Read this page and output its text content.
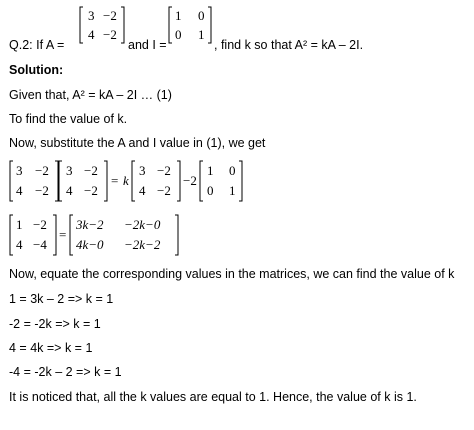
Q.2: If A =
3 −2
4 −2
and I =
1 0
0 1
, find k so that A² = kA – 2I.
Solution:
Given that, A² = kA – 2I … (1)
To find the value of k.
Now, substitute the A and I value in (1), we get
3 −2
4 −2
3 −2
4 −2
= k
3 −2
4 −2
−2
1 0
0 1
1 −2
4 −4
=
3k−2 −2k−0
4k−0 −2k−2
Now, equate the corresponding values in the matrices, we can find the value of k
1 = 3k – 2 => k = 1
-2 = -2k => k = 1
4 = 4k => k = 1
-4 = -2k – 2 => k = 1
It is noticed that, all the k values are equal to 1. Hence, the value of k is 1.
